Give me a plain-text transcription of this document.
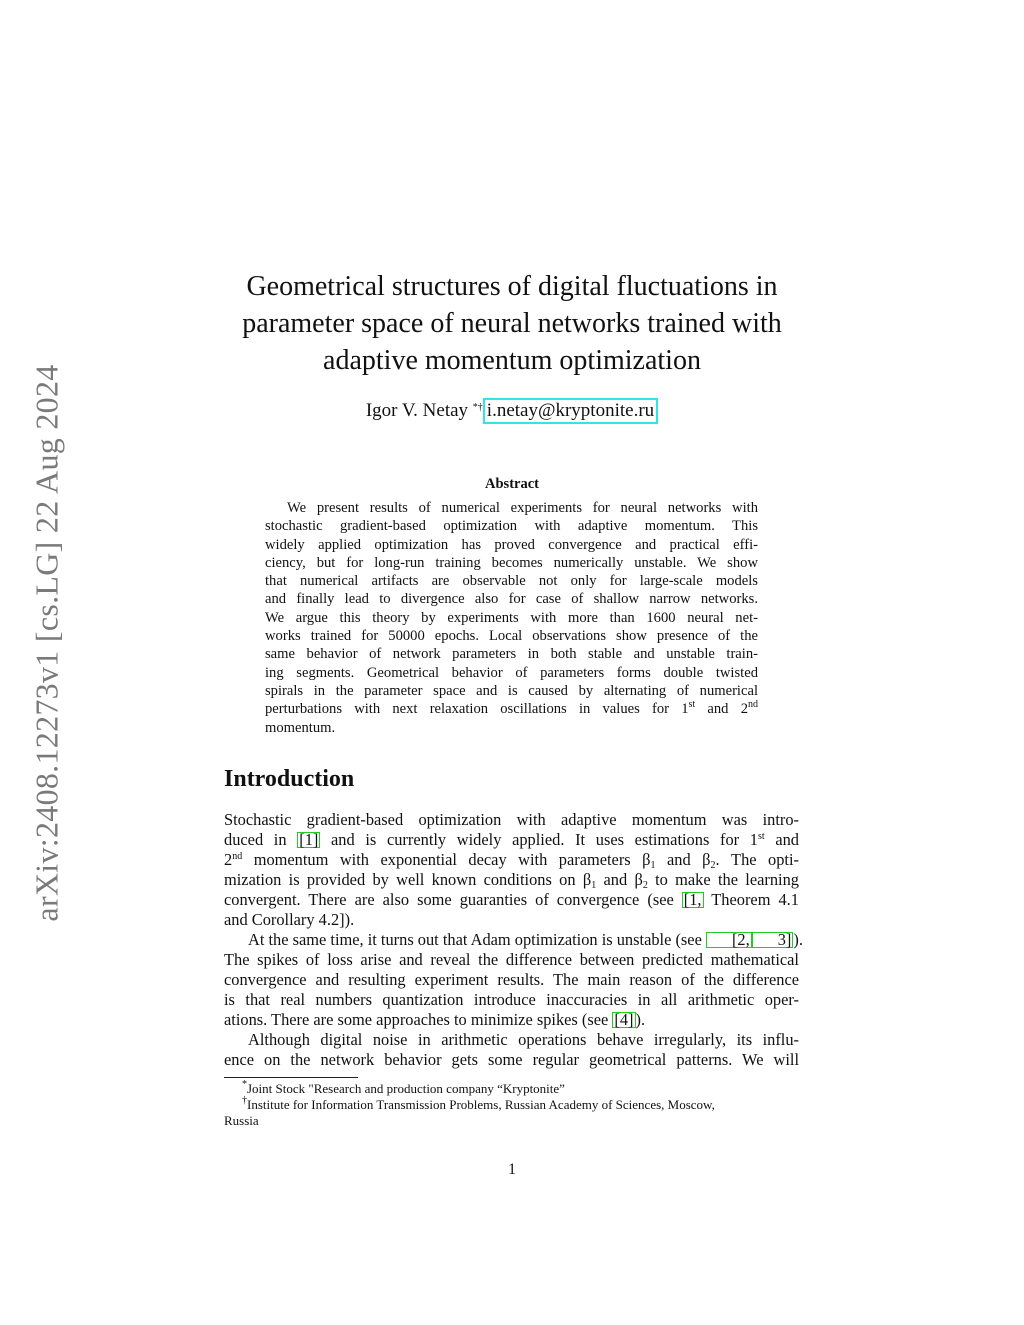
arXiv:2408.12273v1 [cs.LG] 22 Aug 2024
Geometrical structures of digital fluctuations in
parameter space of neural networks trained with
adaptive momentum optimization
Igor V. Netay *† i.netay@kryptonite.ru
Abstract
We present results of numerical experiments for neural networks with
stochastic gradient-based optimization with adaptive momentum. This
widely applied optimization has proved convergence and practical effi-
ciency, but for long-run training becomes numerically unstable. We show
that numerical artifacts are observable not only for large-scale models
and finally lead to divergence also for case of shallow narrow networks.
We argue this theory by experiments with more than 1600 neural net-
works trained for 50000 epochs. Local observations show presence of the
same behavior of network parameters in both stable and unstable train-
ing segments. Geometrical behavior of parameters forms double twisted
spirals in the parameter space and is caused by alternating of numerical
perturbations with next relaxation oscillations in values for 1st and 2nd
momentum.
Introduction
Stochastic gradient-based optimization with adaptive momentum was intro-
duced in [1] and is currently widely applied. It uses estimations for 1st and
2nd momentum with exponential decay with parameters $\beta_1$ and $\beta_2$. The opti-
mization is provided by well known conditions on $\beta_1$ and $\beta_2$ to make the learning
convergent. There are also some guaranties of convergence (see [1, Theorem 4.1
and Corollary 4.2]).
At the same time, it turns out that Adam optimization is unstable (see [2, 3] ).
The spikes of loss arise and reveal the difference between predicted mathematical
convergence and resulting experiment results. The main reason of the difference
is that real numbers quantization introduce inaccuracies in all arithmetic oper-
ations. There are some approaches to minimize spikes (see [4] ).
Although digital noise in arithmetic operations behave irregularly, its influ-
ence on the network behavior gets some regular geometrical patterns. We will
*Joint Stock "Research and production company “Kryptonite”
†Institute for Information Transmission Problems, Russian Academy of Sciences, Moscow,
Russia
1
